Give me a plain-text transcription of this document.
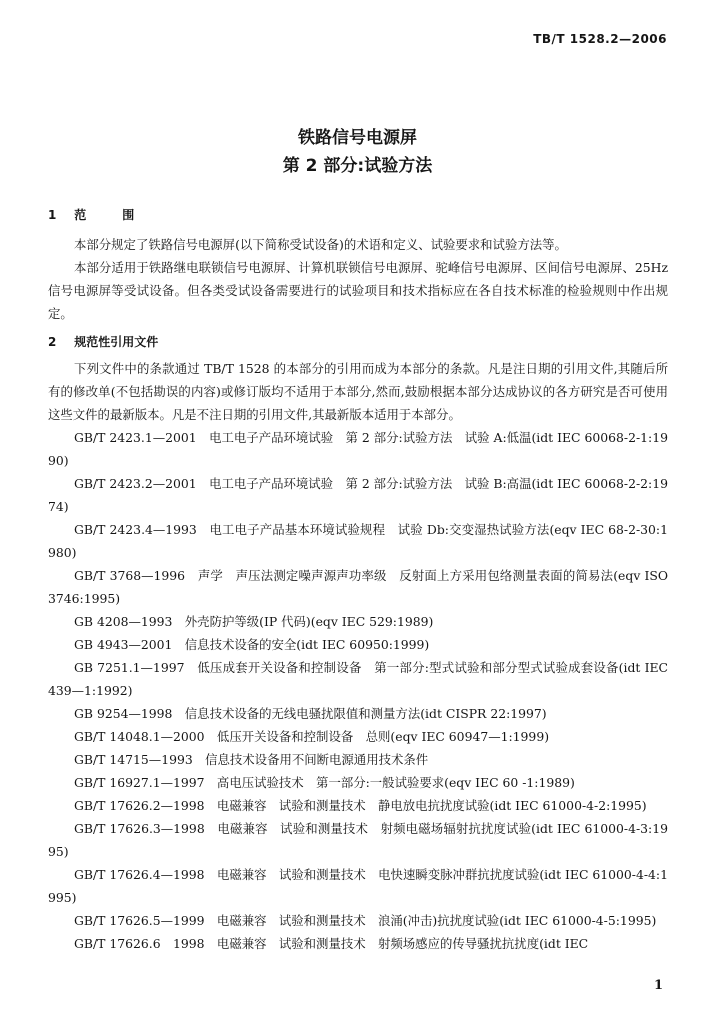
TB/T 1528.2—2006
铁路信号电源屏
第 2 部分:试验方法
1 范　围

本部分规定了铁路信号电源屏(以下简称受试设备)的术语和定义、试验要求和试验方法等。

本部分适用于铁路继电联锁信号电源屏、计算机联锁信号电源屏、驼峰信号电源屏、区间信号电源屏、25Hz信号电源屏等受试设备。但各类受试设备需要进行的试验项目和技术指标应在各自技术标准的检验规则中作出规定。

2 规范性引用文件

下列文件中的条款通过 TB/T 1528 的本部分的引用而成为本部分的条款。凡是注日期的引用文件,其随后所有的修改单(不包括勘误的内容)或修订版均不适用于本部分,然而,鼓励根据本部分达成协议的各方研究是否可使用这些文件的最新版本。凡是不注日期的引用文件,其最新版本适用于本部分。

GB/T 2423.1—2001　电工电子产品环境试验　第 2 部分:试验方法　试验 A:低温(idt IEC 60068-2-1:1990)

GB/T 2423.2—2001　电工电子产品环境试验　第 2 部分:试验方法　试验 B:高温(idt IEC 60068-2-2:1974)

GB/T 2423.4—1993　电工电子产品基本环境试验规程　试验 Db:交变湿热试验方法(eqv IEC 68-2-30:1980)

GB/T 3768—1996　声学　声压法测定噪声源声功率级　反射面上方采用包络测量表面的简易法(eqv ISO 3746:1995)

GB 4208—1993　外壳防护等级(IP 代码)(eqv IEC 529:1989)

GB 4943—2001　信息技术设备的安全(idt IEC 60950:1999)

GB 7251.1—1997　低压成套开关设备和控制设备　第一部分:型式试验和部分型式试验成套设备(idt IEC 439—1:1992)

GB 9254—1998　信息技术设备的无线电骚扰限值和测量方法(idt CISPR 22:1997)

GB/T 14048.1—2000　低压开关设备和控制设备　总则(eqv IEC 60947—1:1999)

GB/T 14715—1993　信息技术设备用不间断电源通用技术条件

GB/T 16927.1—1997　高电压试验技术　第一部分:一般试验要求(eqv IEC 60 -1:1989)

GB/T 17626.2—1998　电磁兼容　试验和测量技术　静电放电抗扰度试验(idt IEC 61000-4-2:1995)

GB/T 17626.3—1998　电磁兼容　试验和测量技术　射频电磁场辐射抗扰度试验(idt IEC 61000-4-3:1995)

GB/T 17626.4—1998　电磁兼容　试验和测量技术　电快速瞬变脉冲群抗扰度试验(idt IEC 61000-4-4:1995)

GB/T 17626.5—1999　电磁兼容　试验和测量技术　浪涌(冲击)抗扰度试验(idt IEC 61000-4-5:1995)

GB/T 17626.6　1998　电磁兼容　试验和测量技术　射频场感应的传导骚扰抗扰度(idt IEC

1
